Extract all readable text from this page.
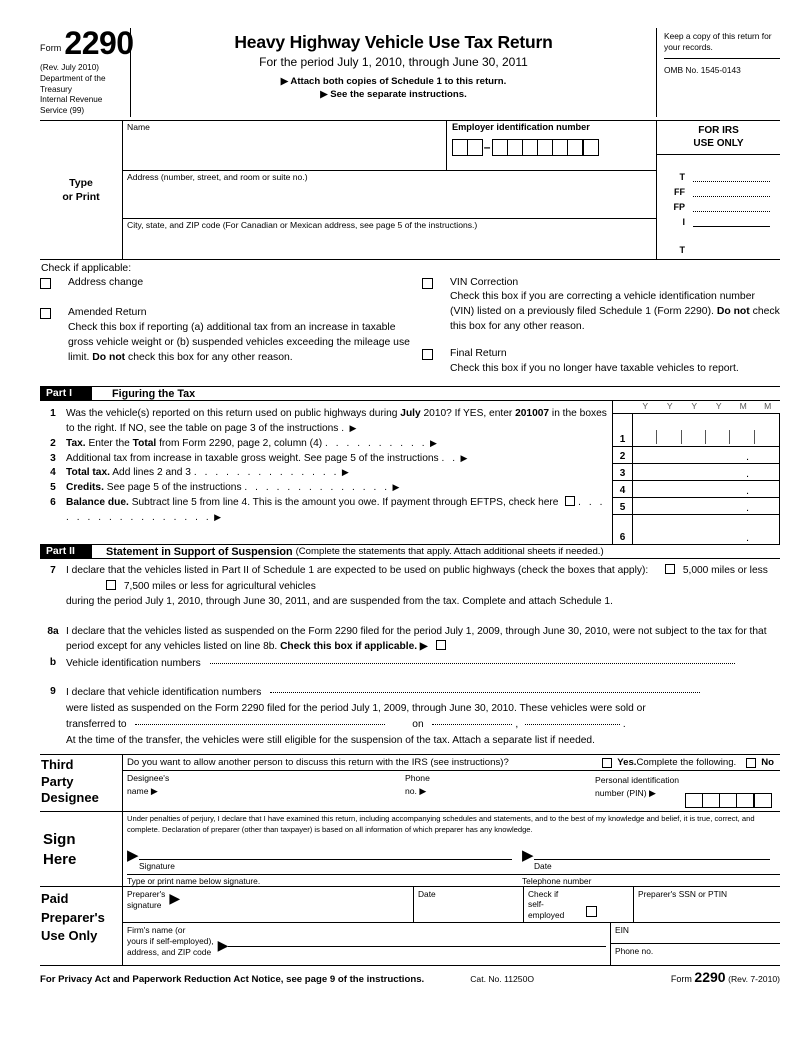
Form 2290
(Rev. July 2010)
Department of the Treasury
Internal Revenue Service (99)
Heavy Highway Vehicle Use Tax Return
For the period July 1, 2010, through June 30, 2011
▶ Attach both copies of Schedule 1 to this return.
▶ See the separate instructions.
Keep a copy of this return for your records.
OMB No. 1545-0143
Type
or Print
Name	Employer identification number
–
Address (number, street, and room or suite no.)
City, state, and ZIP code (For Canadian or Mexican address, see page 5 of the instructions.)
FOR IRS
USE ONLY
T
FF
FP
I
T
Check if applicable:
Address change
Amended Return
Check this box if reporting (a) additional tax from an increase in taxable gross vehicle weight or (b) suspended vehicles exceeding the mileage use limit. Do not check this box for any other reason.
VIN Correction
Check this box if you are correcting a vehicle identification number (VIN) listed on a previously filed Schedule 1 (Form 2290). Do not check this box for any other reason.
Final Return
Check this box if you no longer have taxable vehicles to report.
Part I	Figuring the Tax
1 Was the vehicle(s) reported on this return used on public highways during July 2010? If YES, enter 201007 in the boxes to the right. If NO, see the table on page 3 of the instructions . ▶
2 Tax. Enter the Total from Form 2290, page 2, column (4) . . . . . . . . . . ▶
3 Additional tax from increase in taxable gross weight. See page 5 of the instructions . . ▶
4 Total tax. Add lines 2 and 3 . . . . . . . . . . . . . . ▶
5 Credits. See page 5 of the instructions . . . . . . . . . . . . . . ▶
6 Balance due. Subtract line 5 from line 4. This is the amount you owe. If payment through EFTPS, check here  . . . . . . . . . . . . . . . . . ▶
Y	Y	Y	Y	M	M
1
2	.
3	.
4	.
5	.
6	.
Part II	Statement in Support of Suspension (Complete the statements that apply. Attach additional sheets if needed.)
7 I declare that the vehicles listed in Part II of Schedule 1 are expected to be used on public highways (check the boxes that apply):	5,000 miles or less  7,500 miles or less for agricultural vehicles
during the period July 1, 2010, through June 30, 2011, and are suspended from the tax. Complete and attach Schedule 1.
8a I declare that the vehicles listed as suspended on the Form 2290 filed for the period July 1, 2009, through June 30, 2010, were not subject to the tax for that period except for any vehicles listed on line 8b. Check this box if applicable. ▶
b Vehicle identification numbers
9 I declare that vehicle identification numbers
were listed as suspended on the Form 2290 filed for the period July 1, 2009, through June 30, 2010. These vehicles were sold or
transferred to	on	,	.
At the time of the transfer, the vehicles were still eligible for the suspension of the tax. Attach a separate list if needed.
Third
Party
Designee
Do you want to allow another person to discuss this return with the IRS (see instructions)?	Yes. Complete the following.	No
Designee's
name ▶
Phone
no. ▶
Personal identification
number (PIN) ▶
Sign
Here
Under penalties of perjury, I declare that I have examined this return, including accompanying schedules and statements, and to the best of my knowledge and belief, it is true, correct, and complete. Declaration of preparer (other than taxpayer) is based on all information of which preparer has any knowledge.
▶
Signature
▶
Date
Type or print name below signature.	Telephone number
Paid
Preparer's
Use Only
Preparer's
signature ▶	Date	Check if
self-
employed
Preparer's SSN or PTIN
Firm's name (or
yours if self-employed),
address, and ZIP code ▶
EIN
Phone no.
For Privacy Act and Paperwork Reduction Act Notice, see page 9 of the instructions.	Cat. No. 11250O	Form 2290 (Rev. 7-2010)
